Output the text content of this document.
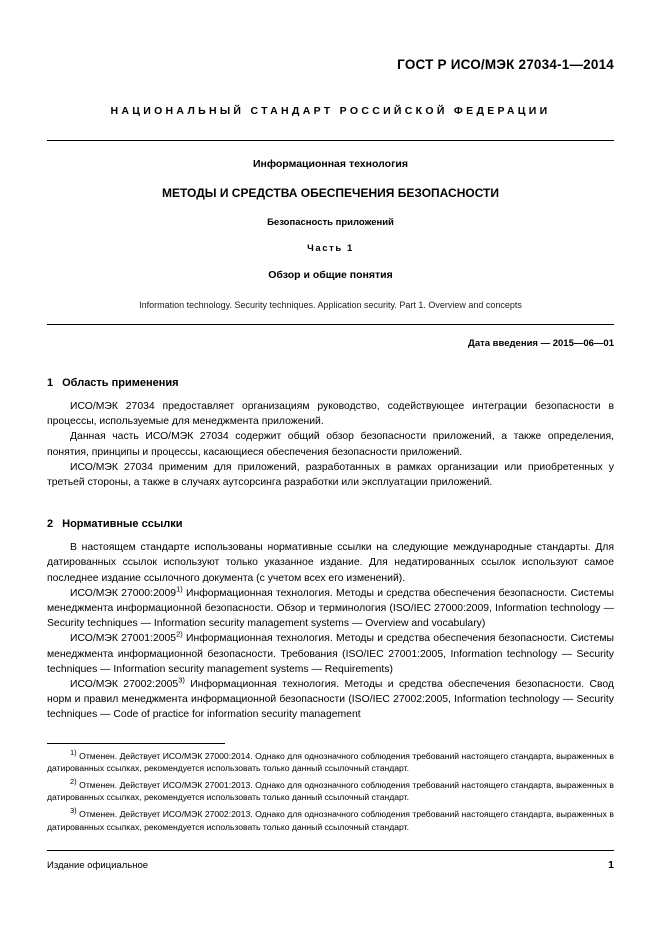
ГОСТ Р ИСО/МЭК 27034-1—2014
НАЦИОНАЛЬНЫЙ СТАНДАРТ РОССИЙСКОЙ ФЕДЕРАЦИИ
Информационная технология
МЕТОДЫ И СРЕДСТВА ОБЕСПЕЧЕНИЯ БЕЗОПАСНОСТИ
Безопасность приложений
Часть 1
Обзор и общие понятия
Information technology. Security techniques. Application security. Part 1. Overview and concepts
Дата введения — 2015—06—01
1 Область применения

ИСО/МЭК 27034 предоставляет организациям руководство, содействующее интеграции безопасности в процессы, используемые для менеджмента приложений.

Данная часть ИСО/МЭК 27034 содержит общий обзор безопасности приложений, а также определения, понятия, принципы и процессы, касающиеся обеспечения безопасности приложений.

ИСО/МЭК 27034 применим для приложений, разработанных в рамках организации или приобретенных у третьей стороны, а также в случаях аутсорсинга разработки или эксплуатации приложений.

2 Нормативные ссылки

В настоящем стандарте использованы нормативные ссылки на следующие международные стандарты. Для датированных ссылок используют только указанное издание. Для недатированных ссылок используют самое последнее издание ссылочного документа (с учетом всех его изменений).

ИСО/МЭК 27000:2009$^{1)}$ Информационная технология. Методы и средства обеспечения безопасности. Системы менеджмента информационной безопасности. Обзор и терминология (ISO/IEC 27000:2009, Information technology — Security techniques — Information security management systems — Overview and vocabulary)

ИСО/МЭК 27001:2005$^{2)}$ Информационная технология. Методы и средства обеспечения безопасности. Системы менеджмента информационной безопасности. Требования (ISO/IEC 27001:2005, Information technology — Security techniques — Information security management systems — Requirements)

ИСО/МЭК 27002:2005$^{3)}$ Информационная технология. Методы и средства обеспечения безопасности. Свод норм и правил менеджмента информационной безопасности (ISO/IEC 27002:2005, Information technology — Security techniques — Code of practice for information security management

$^{1)}$ Отменен. Действует ИСО/МЭК 27000:2014. Однако для однозначного соблюдения требований настоящего стандарта, выраженных в датированных ссылках, рекомендуется использовать только данный ссылочный стандарт.

$^{2)}$ Отменен. Действует ИСО/МЭК 27001:2013. Однако для однозначного соблюдения требований настоящего стандарта, выраженных в датированных ссылках, рекомендуется использовать только данный ссылочный стандарт.

$^{3)}$ Отменен. Действует ИСО/МЭК 27002:2013. Однако для однозначного соблюдения требований настоящего стандарта, выраженных в датированных ссылках, рекомендуется использовать только данный ссылочный стандарт.

Издание официальное	1
